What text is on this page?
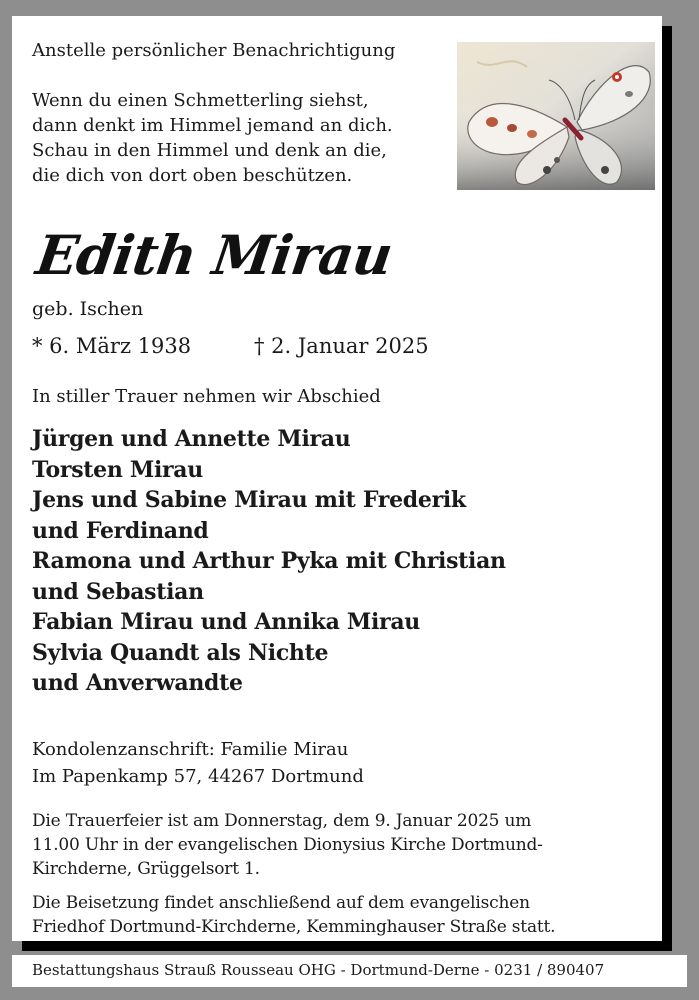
Anstelle persönlicher Benachrichtigung
Wenn du einen Schmetterling siehst,
dann denkt im Himmel jemand an dich.
Schau in den Himmel und denk an die,
die dich von dort oben beschützen.
Edith Mirau
geb. Ischen
* 6. März 1938	† 2. Januar 2025
In stiller Trauer nehmen wir Abschied
Jürgen und Annette Mirau
Torsten Mirau
Jens und Sabine Mirau mit Frederik
und Ferdinand
Ramona und Arthur Pyka mit Christian
und Sebastian
Fabian Mirau und Annika Mirau
Sylvia Quandt als Nichte
und Anverwandte
Kondolenzanschrift: Familie Mirau
Im Papenkamp 57, 44267 Dortmund
Die Trauerfeier ist am Donnerstag, dem 9. Januar 2025 um
11.00 Uhr in der evangelischen Dionysius Kirche Dortmund-
Kirchderne, Grüggelsort 1.
Die Beisetzung findet anschließend auf dem evangelischen
Friedhof Dortmund-Kirchderne, Kemminghauser Straße statt.
Bestattungshaus Strauß Rousseau OHG - Dortmund-Derne - 0231 / 890407
